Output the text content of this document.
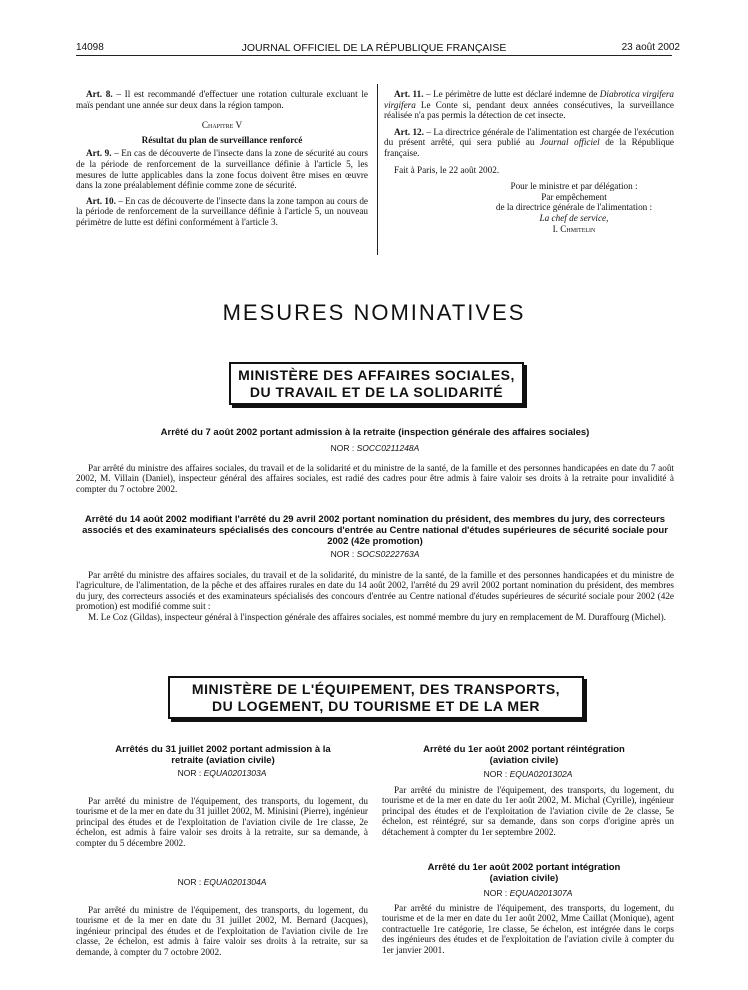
14098	JOURNAL OFFICIEL DE LA RÉPUBLIQUE FRANÇAISE	23 août 2002

Art. 8. – Il est recommandé d'effectuer une rotation culturale excluant le maïs pendant une année sur deux dans la région tampon.

Chapitre V

Résultat du plan de surveillance renforcé

Art. 9. – En cas de découverte de l'insecte dans la zone de sécurité au cours de la période de renforcement de la surveillance définie à l'article 5, les mesures de lutte applicables dans la zone focus doivent être mises en œuvre dans la zone préalablement définie comme zone de sécurité.

Art. 10. – En cas de découverte de l'insecte dans la zone tampon au cours de la période de renforcement de la surveillance définie à l'article 5, un nouveau périmètre de lutte est défini conformément à l'article 3.

Art. 11. – Le périmètre de lutte est déclaré indemne de Diabrotica virgifera virgifera Le Conte si, pendant deux années consécutives, la surveillance réalisée n'a pas permis la détection de cet insecte.

Art. 12. – La directrice générale de l'alimentation est chargée de l'exécution du présent arrêté, qui sera publié au Journal officiel de la République française.

Fait à Paris, le 22 août 2002.

Pour le ministre et par délégation :
Par empêchement
de la directrice générale de l'alimentation :
La chef de service,
I. Chmitelin
MESURES NOMINATIVES
MINISTÈRE DES AFFAIRES SOCIALES,
DU TRAVAIL ET DE LA SOLIDARITÉ
Arrêté du 7 août 2002 portant admission à la retraite (inspection générale des affaires sociales)
NOR : SOCC0211248A

Par arrêté du ministre des affaires sociales, du travail et de la solidarité et du ministre de la santé, de la famille et des personnes handicapées en date du 7 août 2002, M. Villain (Daniel), inspecteur général des affaires sociales, est radié des cadres pour être admis à faire valoir ses droits à la retraite pour invalidité à compter du 7 octobre 2002.

Arrêté du 14 août 2002 modifiant l'arrêté du 29 avril 2002 portant nomination du président, des membres du jury, des correcteurs associés et des examinateurs spécialisés des concours d'entrée au Centre national d'études supérieures de sécurité sociale pour 2002 (42e promotion)
NOR : SOCS0222763A

Par arrêté du ministre des affaires sociales, du travail et de la solidarité, du ministre de la santé, de la famille et des personnes handicapées et du ministre de l'agriculture, de l'alimentation, de la pêche et des affaires rurales en date du 14 août 2002, l'arrêté du 29 avril 2002 portant nomination du président, des membres du jury, des correcteurs associés et des examinateurs spécialisés des concours d'entrée au Centre national d'études supérieures de sécurité sociale pour 2002 (42e promotion) est modifié comme suit :

M. Le Coz (Gildas), inspecteur général à l'inspection générale des affaires sociales, est nommé membre du jury en remplacement de M. Duraffourg (Michel).

MINISTÈRE DE L'ÉQUIPEMENT, DES TRANSPORTS,
DU LOGEMENT, DU TOURISME ET DE LA MER
Arrêtés du 31 juillet 2002 portant admission à la retraite (aviation civile)
NOR : EQUA0201303A

Par arrêté du ministre de l'équipement, des transports, du logement, du tourisme et de la mer en date du 31 juillet 2002, M. Minisini (Pierre), ingénieur principal des études et de l'exploitation de l'aviation civile de 1re classe, 2e échelon, est admis à faire valoir ses droits à la retraite, sur sa demande, à compter du 5 décembre 2002.

NOR : EQUA0201304A

Par arrêté du ministre de l'équipement, des transports, du logement, du tourisme et de la mer en date du 31 juillet 2002, M. Bernard (Jacques), ingénieur principal des études et de l'exploitation de l'aviation civile de 1re classe, 2e échelon, est admis à faire valoir ses droits à la retraite, sur sa demande, à compter du 7 octobre 2002.

Arrêté du 1er août 2002 portant réintégration (aviation civile)
NOR : EQUA0201302A

Par arrêté du ministre de l'équipement, des transports, du logement, du tourisme et de la mer en date du 1er août 2002, M. Michal (Cyrille), ingénieur principal des études et de l'exploitation de l'aviation civile de 2e classe, 5e échelon, est réintégré, sur sa demande, dans son corps d'origine après un détachement à compter du 1er septembre 2002.

Arrêté du 1er août 2002 portant intégration (aviation civile)
NOR : EQUA0201307A

Par arrêté du ministre de l'équipement, des transports, du logement, du tourisme et de la mer en date du 1er août 2002, Mme Caillat (Monique), agent contractuelle 1re catégorie, 1re classe, 5e échelon, est intégrée dans le corps des ingénieurs des études et de l'exploitation de l'aviation civile à compter du 1er janvier 2001.
